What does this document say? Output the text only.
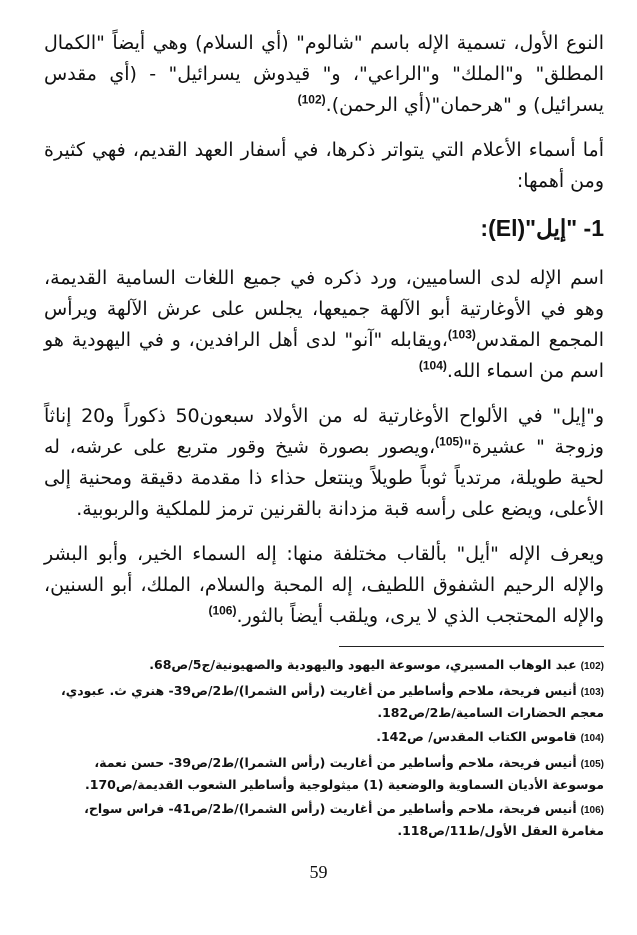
النوع الأول، تسمية الإله باسم "شالوم" (أي السلام) وهي أيضاً "الكمال المطلق" و"الملك" و"الراعي"، و" قيدوش يسرائيل" - (أي مقدس يسرائيل) و "هرحمان"(أي الرحمن).$^{(102)}$

أما أسماء الأعلام التي يتواتر ذكرها، في أسفار العهد القديم، فهي كثيرة ومن أهمها:

1- "إيل"(El):

اسم الإله لدى الساميين، ورد ذكره في جميع اللغات السامية القديمة، وهو في الأوغارتية أبو الآلهة جميعها، يجلس على عرش الآلهة ويرأس المجمع المقدس$^{(103)}$،ويقابله "آنو" لدى أهل الرافدين، و في اليهودية هو اسم من اسماء الله.$^{(104)}$

و"إيل" في الألواح الأوغارتية له من الأولاد سبعون50 ذكوراً و20 إناثاً وزوجة " عشيرة"$^{(105)}$،ويصور بصورة شيخ وقور متربع على عرشه، له لحية طويلة، مرتدياً ثوباً طويلاً وينتعل حذاء ذا مقدمة دقيقة ومحنية إلى الأعلى، ويضع على رأسه قبة مزدانة بالقرنين ترمز للملكية والربوبية.

ويعرف الإله "أيل" بألقاب مختلفة منها: إله السماء الخير، وأبو البشر والإله الرحيم الشفوق اللطيف، إله المحبة والسلام، الملك، أبو السنين، والإله المحتجب الذي لا يرى، ويلقب أيضاً بالثور.$^{(106)}$

(102)عبد الوهاب المسيري، موسوعة اليهود واليهودية والصهيونية/ج5/ص68.
(103)أنيس فريحة، ملاحم وأساطير من أغاريت (رأس الشمرا)/ط2/ص39- هنري ث. عبودي، معجم الحضارات السامية/ط2/ص182.
(104)قاموس الكتاب المقدس/ ص142.
(105)أنيس فريحة، ملاحم وأساطير من أغاريت (رأس الشمرا)/ط2/ص39- حسن نعمة، موسوعة الأديان السماوية والوضعية (1) ميثولوجية وأساطير الشعوب القديمة/ص170.
(106)أنيس فريحة، ملاحم وأساطير من أغاريت (رأس الشمرا)/ط2/ص41- فراس سواح، مغامرة العقل الأول/ط11/ص118.
59
